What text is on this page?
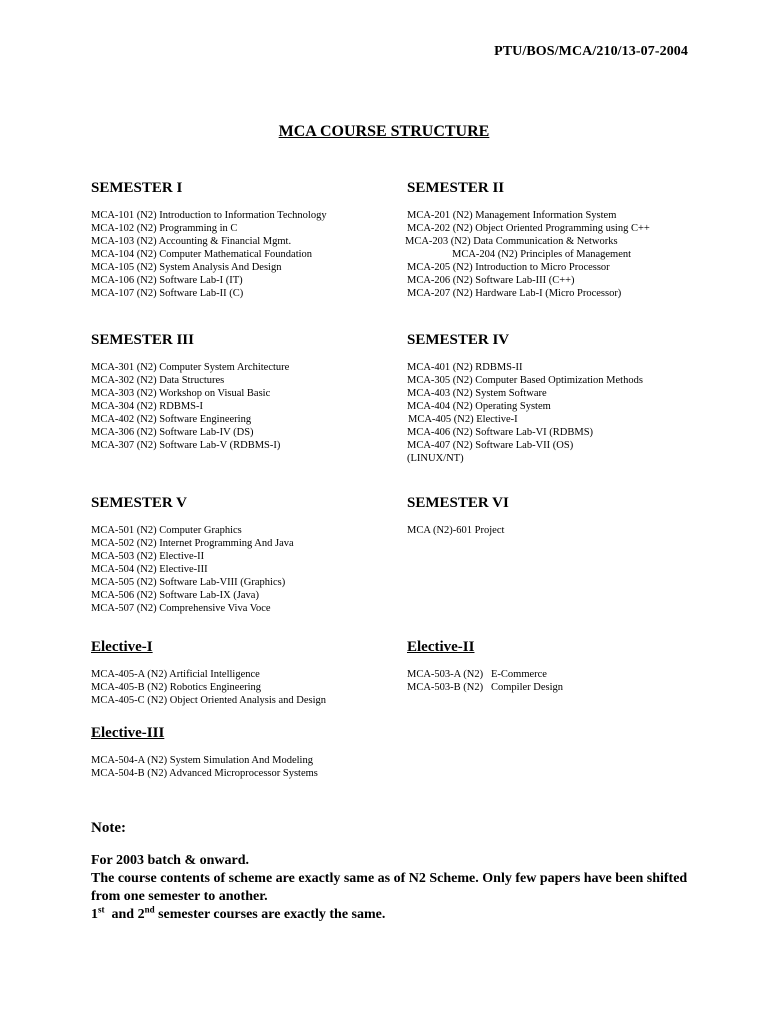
PTU/BOS/MCA/210/13-07-2004
MCA COURSE STRUCTURE
SEMESTER I
MCA-101 (N2) Introduction to Information Technology
MCA-102 (N2) Programming in C
MCA-103 (N2) Accounting & Financial Mgmt.
MCA-104 (N2) Computer Mathematical Foundation
MCA-105 (N2) System Analysis And Design
MCA-106 (N2) Software Lab-I (IT)
MCA-107 (N2) Software Lab-II (C)
SEMESTER II
MCA-201 (N2) Management Information System
MCA-202 (N2) Object Oriented Programming using C++
MCA-203 (N2) Data Communication & Networks
MCA-204 (N2) Principles of Management
MCA-205 (N2) Introduction to Micro Processor
MCA-206 (N2) Software Lab-III (C++)
MCA-207 (N2) Hardware Lab-I (Micro Processor)
SEMESTER III
MCA-301 (N2) Computer System Architecture
MCA-302 (N2) Data Structures
MCA-303 (N2) Workshop on Visual Basic
MCA-304 (N2) RDBMS-I
MCA-402 (N2) Software Engineering
MCA-306 (N2) Software Lab-IV (DS)
MCA-307 (N2) Software Lab-V (RDBMS-I)
SEMESTER IV
MCA-401 (N2) RDBMS-II
MCA-305 (N2) Computer Based Optimization Methods
MCA-403 (N2) System Software
MCA-404 (N2) Operating System
MCA-405 (N2) Elective-I
MCA-406 (N2) Software Lab-VI (RDBMS)
MCA-407 (N2) Software Lab-VII (OS)
(LINUX/NT)
SEMESTER V
MCA-501 (N2) Computer Graphics
MCA-502 (N2) Internet Programming And Java
MCA-503 (N2) Elective-II
MCA-504 (N2) Elective-III
MCA-505 (N2) Software Lab-VIII (Graphics)
MCA-506 (N2) Software Lab-IX (Java)
MCA-507 (N2) Comprehensive Viva Voce
SEMESTER VI
MCA (N2)-601 Project
Elective-I
MCA-405-A (N2) Artificial Intelligence
MCA-405-B (N2) Robotics Engineering
MCA-405-C (N2) Object Oriented Analysis and Design
Elective-II
MCA-503-A (N2)   E-Commerce
MCA-503-B (N2)   Compiler Design
Elective-III
MCA-504-A (N2) System Simulation And Modeling
MCA-504-B (N2) Advanced Microprocessor Systems
Note:

For 2003 batch & onward.

The course contents of scheme are exactly same as of N2 Scheme. Only few papers have been shifted from one semester to another.

1st and 2nd semester courses are exactly the same.
